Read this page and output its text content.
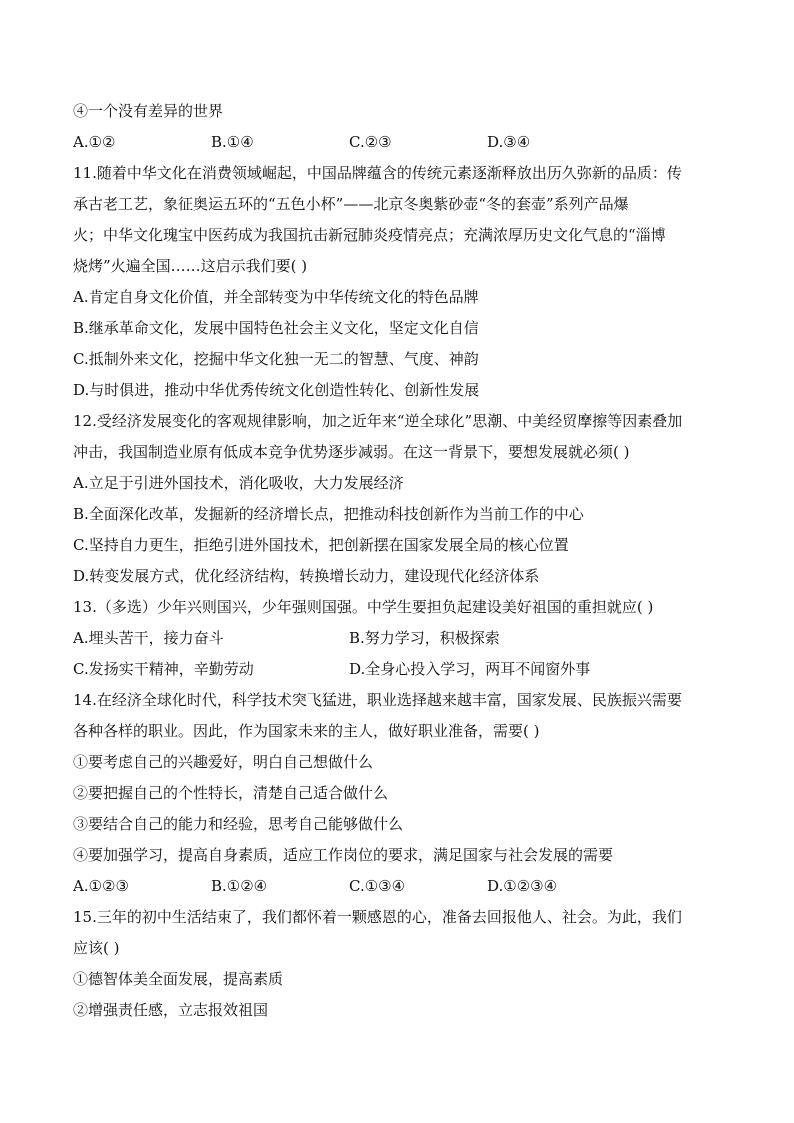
④一个没有差异的世界
A.①②	B.①④	C.②③	D.③④
11.随着中华文化在消费领域崛起，中国品牌蕴含的传统元素逐渐释放出历久弥新的品质：传
承古老工艺，象征奥运五环的“五色小杯”——北京冬奥紫砂壶“冬的套壶”系列产品爆
火；中华文化瑰宝中医药成为我国抗击新冠肺炎疫情亮点；充满浓厚历史文化气息的“淄博
烧烤”火遍全国……这启示我们要( )
A.肯定自身文化价值，并全部转变为中华传统文化的特色品牌
B.继承革命文化，发展中国特色社会主义文化，坚定文化自信
C.抵制外来文化，挖掘中华文化独一无二的智慧、气度、神韵
D.与时俱进，推动中华优秀传统文化创造性转化、创新性发展
12.受经济发展变化的客观规律影响，加之近年来“逆全球化”思潮、中美经贸摩擦等因素叠加
冲击，我国制造业原有低成本竞争优势逐步减弱。在这一背景下，要想发展就必须( )
A.立足于引进外国技术，消化吸收，大力发展经济
B.全面深化改革，发掘新的经济增长点，把推动科技创新作为当前工作的中心
C.坚持自力更生，拒绝引进外国技术，把创新摆在国家发展全局的核心位置
D.转变发展方式，优化经济结构，转换增长动力，建设现代化经济体系
13.（多选）少年兴则国兴，少年强则国强。中学生要担负起建设美好祖国的重担就应( )
A.埋头苦干，接力奋斗	B.努力学习，积极探索
C.发扬实干精神，辛勤劳动	D.全身心投入学习，两耳不闻窗外事
14.在经济全球化时代，科学技术突飞猛进，职业选择越来越丰富，国家发展、民族振兴需要
各种各样的职业。因此，作为国家未来的主人，做好职业准备，需要( )
①要考虑自己的兴趣爱好，明白自己想做什么
②要把握自己的个性特长，清楚自己适合做什么
③要结合自己的能力和经验，思考自己能够做什么
④要加强学习，提高自身素质，适应工作岗位的要求，满足国家与社会发展的需要
A.①②③	B.①②④	C.①③④	D.①②③④
15.三年的初中生活结束了，我们都怀着一颗感恩的心，准备去回报他人、社会。为此，我们
应该( )
①德智体美全面发展，提高素质
②增强责任感，立志报效祖国
